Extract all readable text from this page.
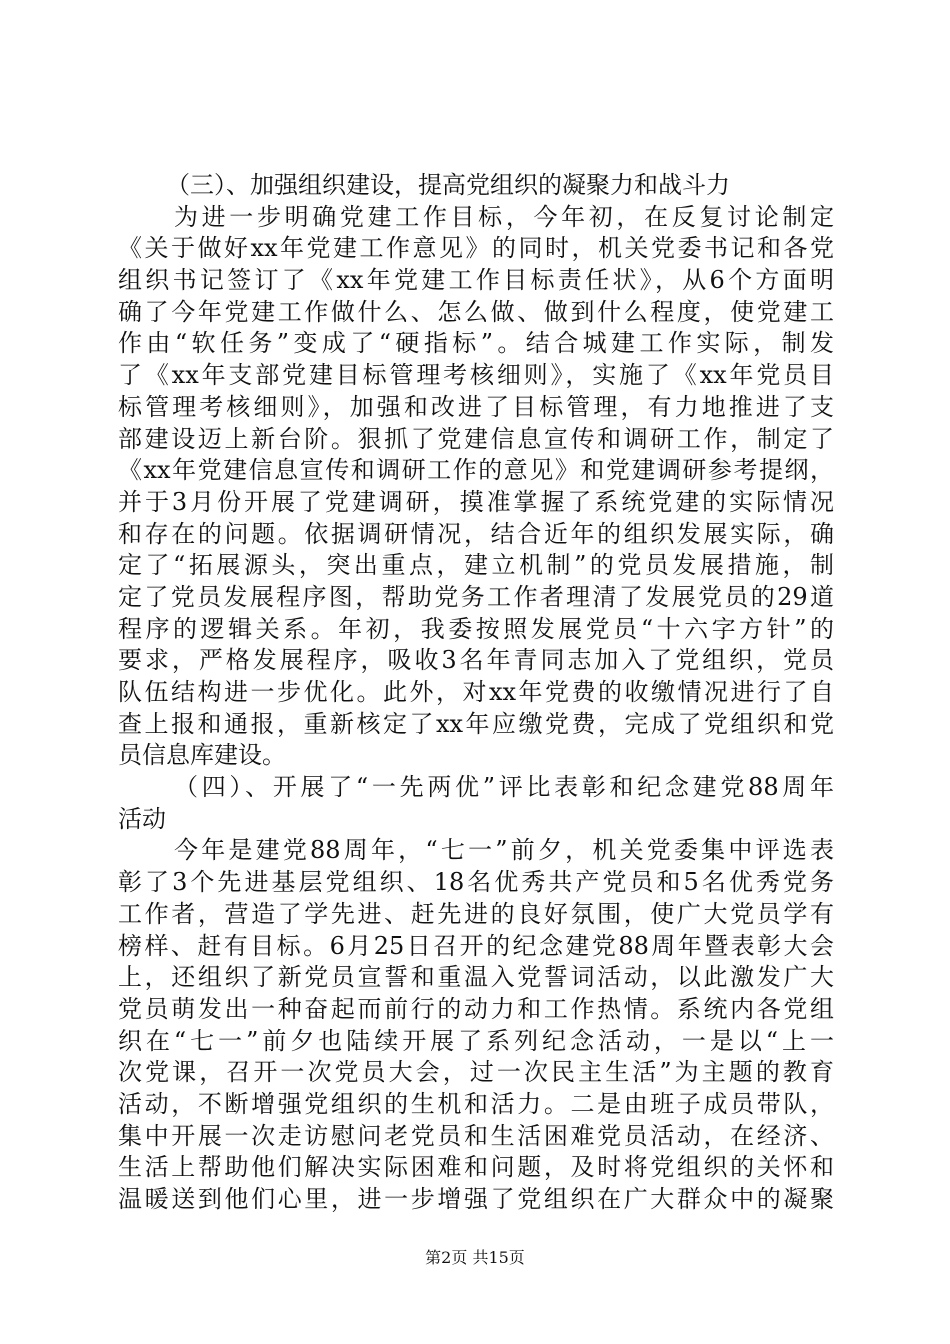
（三）、加强组织建设，提高党组织的凝聚力和战斗力
为进一步明确党建工作目标，今年初，在反复讨论制定
《关于做好xx年党建工作意见》的同时，机关党委书记和各党
组织书记签订了《xx年党建工作目标责任状》，从6个方面明
确了今年党建工作做什么、怎么做、做到什么程度，使党建工
作由“软任务”变成了“硬指标”。结合城建工作实际，制发
了《xx年支部党建目标管理考核细则》，实施了《xx年党员目
标管理考核细则》，加强和改进了目标管理，有力地推进了支
部建设迈上新台阶。狠抓了党建信息宣传和调研工作，制定了
《xx年党建信息宣传和调研工作的意见》和党建调研参考提纲，
并于3月份开展了党建调研，摸准掌握了系统党建的实际情况
和存在的问题。依据调研情况，结合近年的组织发展实际，确
定了“拓展源头，突出重点，建立机制”的党员发展措施，制
定了党员发展程序图，帮助党务工作者理清了发展党员的29道
程序的逻辑关系。年初，我委按照发展党员“十六字方针”的
要求，严格发展程序，吸收3名年青同志加入了党组织，党员
队伍结构进一步优化。此外，对xx年党费的收缴情况进行了自
查上报和通报，重新核定了xx年应缴党费，完成了党组织和党
员信息库建设。
（四）、开展了“一先两优”评比表彰和纪念建党88周年
活动
今年是建党88周年，“七一”前夕，机关党委集中评选表
彰了3个先进基层党组织、18名优秀共产党员和5名优秀党务
工作者，营造了学先进、赶先进的良好氛围，使广大党员学有
榜样、赶有目标。6月25日召开的纪念建党88周年暨表彰大会
上，还组织了新党员宣誓和重温入党誓词活动，以此激发广大
党员萌发出一种奋起而前行的动力和工作热情。系统内各党组
织在“七一”前夕也陆续开展了系列纪念活动，一是以“上一
次党课，召开一次党员大会，过一次民主生活”为主题的教育
活动，不断增强党组织的生机和活力。二是由班子成员带队，
集中开展一次走访慰问老党员和生活困难党员活动，在经济、
生活上帮助他们解决实际困难和问题，及时将党组织的关怀和
温暖送到他们心里，进一步增强了党组织在广大群众中的凝聚
第2页 共15页
